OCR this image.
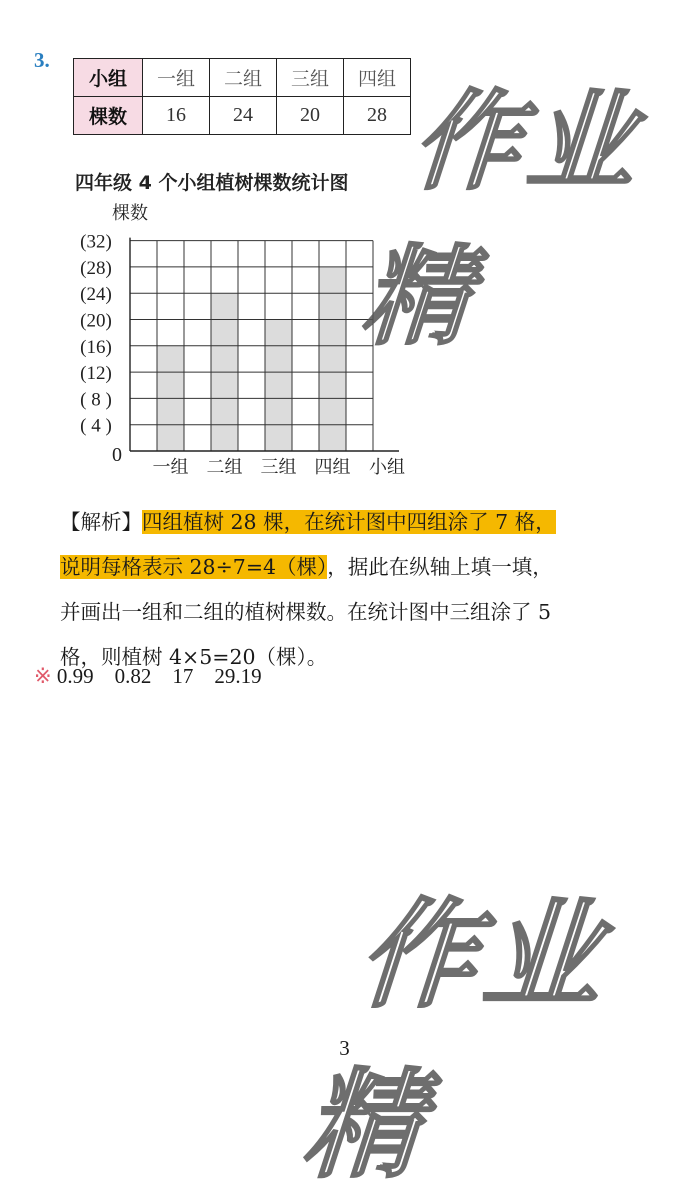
3.
小组	一组	二组	三组	四组
棵数	16	24	20	28
四年级 4 个小组植树棵数统计图
(32)
(28)
(24)
(20)
(16)
(12)
( 8 )
( 4 )
0
棵数
一组 二组 三组 四组 小组
【解析】四组植树 28 棵，在统计图中四组涂了 7 格，
说明每格表示 28÷7=4（棵），据此在纵轴上填一填，
并画出一组和二组的植树棵数。在统计图中三组涂了 5
格，则植树 4×5=20（棵）。
※ 0.99 0.82 17 29.19
3
作业精
作业精
